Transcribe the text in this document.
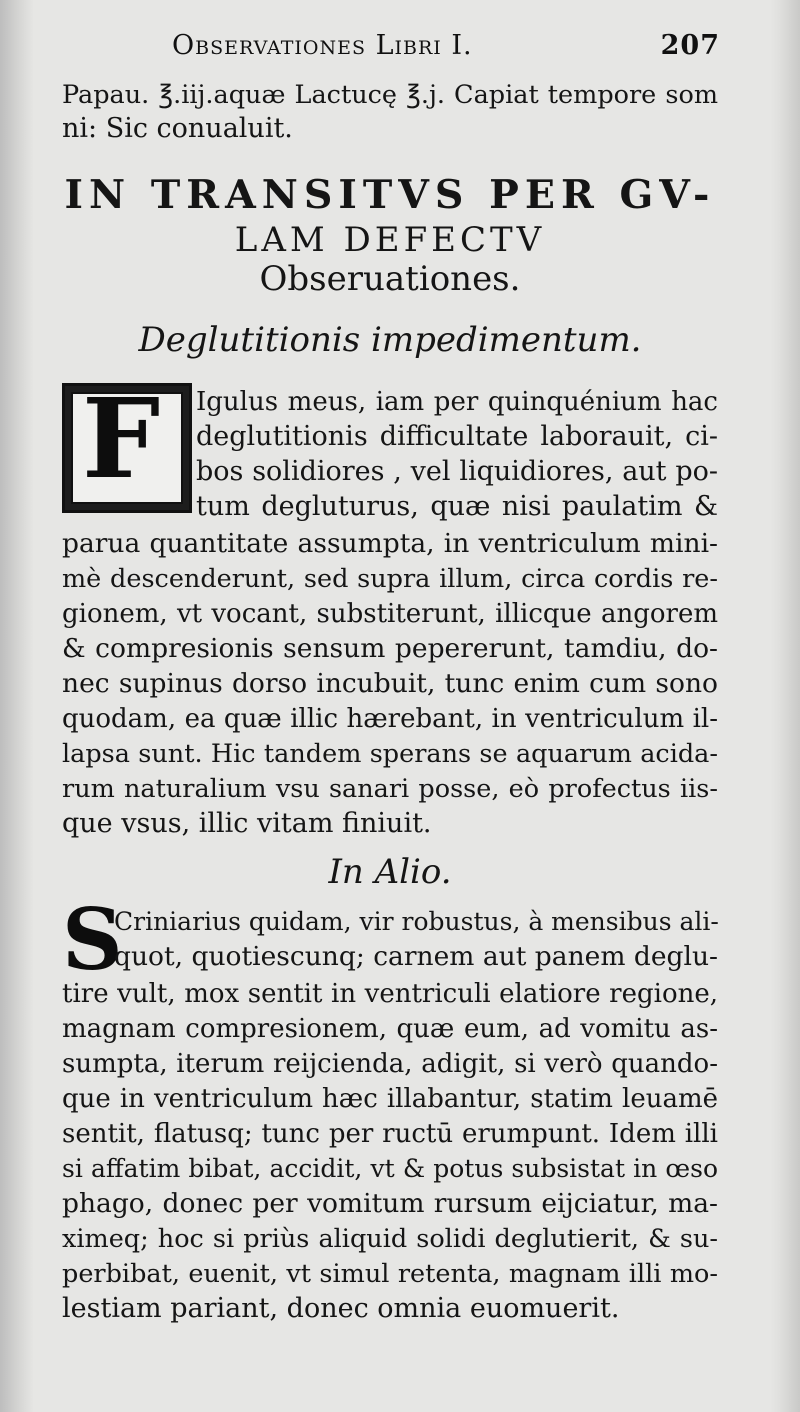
Observationes Libri I.	207
Papau. ℥.iij.aquæ Lactucę ℥.j. Capiat tempore som
ni: Sic conualuit.
IN TRANSITVS PER GV-
LAM DEFECTV
Obseruationes.
Deglutitionis impedimentum.
F	Igulus meus, iam per quinquénium hac
deglutitionis difficultate laborauit, ci-
bos solidiores , vel liquidiores, aut po-
tum degluturus, quæ nisi paulatim &
parua quantitate assumpta, in ventriculum mini-
mè descenderunt, sed supra illum, circa cordis re-
gionem, vt vocant, substiterunt, illicque angorem
& compresionis sensum pepererunt, tamdiu, do-
nec supinus dorso incubuit, tunc enim cum sono
quodam, ea quæ illic hærebant, in ventriculum il-
lapsa sunt. Hic tandem sperans se aquarum acida-
rum naturalium vsu sanari posse, eò profectus iis-
que vsus, illic vitam finiuit.
In Alio.
S
Criniarius quidam, vir robustus, à mensibus ali-
quot, quotiescunq; carnem aut panem deglu-
tire vult, mox sentit in ventriculi elatiore regione,
magnam compresionem, quæ eum, ad vomitu as-
sumpta, iterum reijcienda, adigit, si verò quando-
que in ventriculum hæc illabantur, statim leuamē
sentit, flatusq; tunc per ructū erumpunt. Idem illi
si affatim bibat, accidit, vt & potus subsistat in œso
phago, donec per vomitum rursum eijciatur, ma-
ximeq; hoc si priùs aliquid solidi deglutierit, & su-
perbibat, euenit, vt simul retenta, magnam illi mo-
lestiam pariant, donec omnia euomuerit.
